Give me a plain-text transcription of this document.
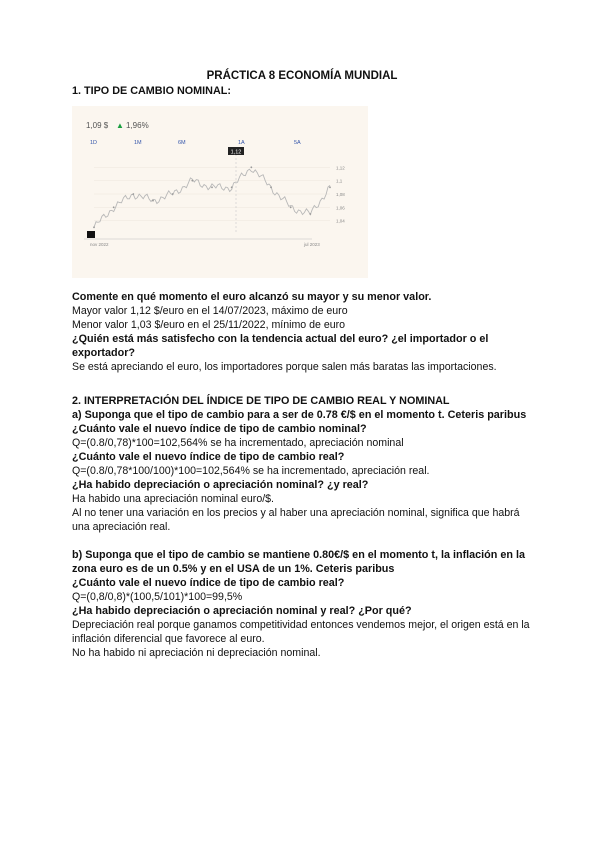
PRÁCTICA 8 ECONOMÍA MUNDIAL
1. TIPO DE CAMBIO NOMINAL:
1,09 $ ▲ 1,96%
1D	1M	6M	1A	5A
1,12
1,1
1,08
1,06
1,04
nov 2022	jul 2023
1,12
Comente en qué momento el euro alcanzó su mayor y su menor valor.
Mayor valor 1,12 $/euro en el 14/07/2023, máximo de euro
Menor valor 1,03 $/euro en el 25/11/2022, mínimo de euro
¿Quién está más satisfecho con la tendencia actual del euro? ¿el importador o el exportador?
Se está apreciando el euro, los importadores porque salen más baratas las importaciones.
2. INTERPRETACIÓN DEL ÍNDICE DE TIPO DE CAMBIO REAL Y NOMINAL
a) Suponga que el tipo de cambio para a ser de 0.78 €/$ en el momento t. Ceteris paribus
¿Cuánto vale el nuevo índice de tipo de cambio nominal?
Q=(0.8/0,78)*100=102,564% se ha incrementado, apreciación nominal
¿Cuánto vale el nuevo índice de tipo de cambio real?
Q=(0.8/0,78*100/100)*100=102,564% se ha incrementado, apreciación real.
¿Ha habido depreciación o apreciación nominal? ¿y real?
Ha habido una apreciación nominal euro/$.
Al no tener una variación en los precios y al haber una apreciación nominal, significa que habrá una apreciación real.
b) Suponga que el tipo de cambio se mantiene 0.80€/$ en el momento t, la inflación en la zona euro es de un 0.5% y en el USA de un 1%. Ceteris paribus
¿Cuánto vale el nuevo índice de tipo de cambio real?
Q=(0,8/0,8)*(100,5/101)*100=99,5%
¿Ha habido depreciación o apreciación nominal y real? ¿Por qué?
Depreciación real porque ganamos competitividad entonces vendemos mejor, el origen está en la inflación diferencial que favorece al euro.
No ha habido ni apreciación ni depreciación nominal.
